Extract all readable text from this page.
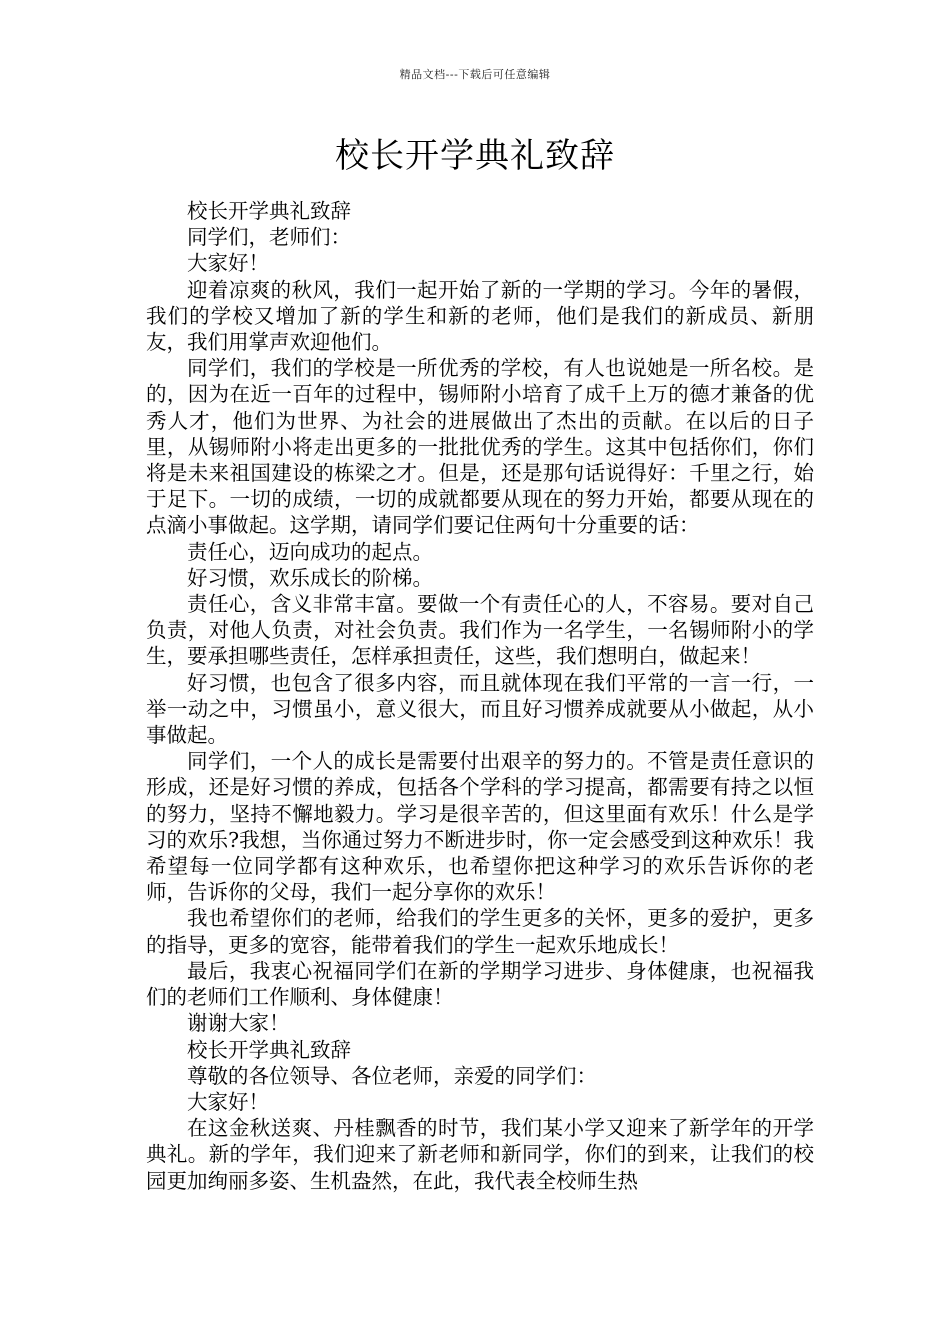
精品文档---下载后可任意编辑
校长开学典礼致辞

校长开学典礼致辞

同学们，老师们：

大家好！

迎着凉爽的秋风，我们一起开始了新的一学期的学习。今年的暑假，我们的学校又增加了新的学生和新的老师，他们是我们的新成员、新朋友，我们用掌声欢迎他们。

同学们，我们的学校是一所优秀的学校，有人也说她是一所名校。是的，因为在近一百年的过程中，锡师附小培育了成千上万的德才兼备的优秀人才，他们为世界、为社会的进展做出了杰出的贡献。在以后的日子里，从锡师附小将走出更多的一批批优秀的学生。这其中包括你们，你们将是未来祖国建设的栋梁之才。但是，还是那句话说得好：千里之行，始于足下。一切的成绩，一切的成就都要从现在的努力开始，都要从现在的点滴小事做起。这学期，请同学们要记住两句十分重要的话：

责任心，迈向成功的起点。

好习惯，欢乐成长的阶梯。

责任心，含义非常丰富。要做一个有责任心的人，不容易。要对自己负责，对他人负责，对社会负责。我们作为一名学生，一名锡师附小的学生，要承担哪些责任，怎样承担责任，这些，我们想明白，做起来！

好习惯，也包含了很多内容，而且就体现在我们平常的一言一行，一举一动之中，习惯虽小，意义很大，而且好习惯养成就要从小做起，从小事做起。

同学们，一个人的成长是需要付出艰辛的努力的。不管是责任意识的形成，还是好习惯的养成，包括各个学科的学习提高，都需要有持之以恒的努力，坚持不懈地毅力。学习是很辛苦的，但这里面有欢乐！什么是学习的欢乐?我想，当你通过努力不断进步时，你一定会感受到这种欢乐！我希望每一位同学都有这种欢乐，也希望你把这种学习的欢乐告诉你的老师，告诉你的父母，我们一起分享你的欢乐！

我也希望你们的老师，给我们的学生更多的关怀，更多的爱护，更多的指导，更多的宽容，能带着我们的学生一起欢乐地成长！

最后，我衷心祝福同学们在新的学期学习进步、身体健康，也祝福我们的老师们工作顺利、身体健康！

谢谢大家！

校长开学典礼致辞

尊敬的各位领导、各位老师，亲爱的同学们：

大家好！

在这金秋送爽、丹桂飘香的时节，我们某小学又迎来了新学年的开学典礼。新的学年，我们迎来了新老师和新同学，你们的到来，让我们的校园更加绚丽多姿、生机盎然，在此，我代表全校师生热
